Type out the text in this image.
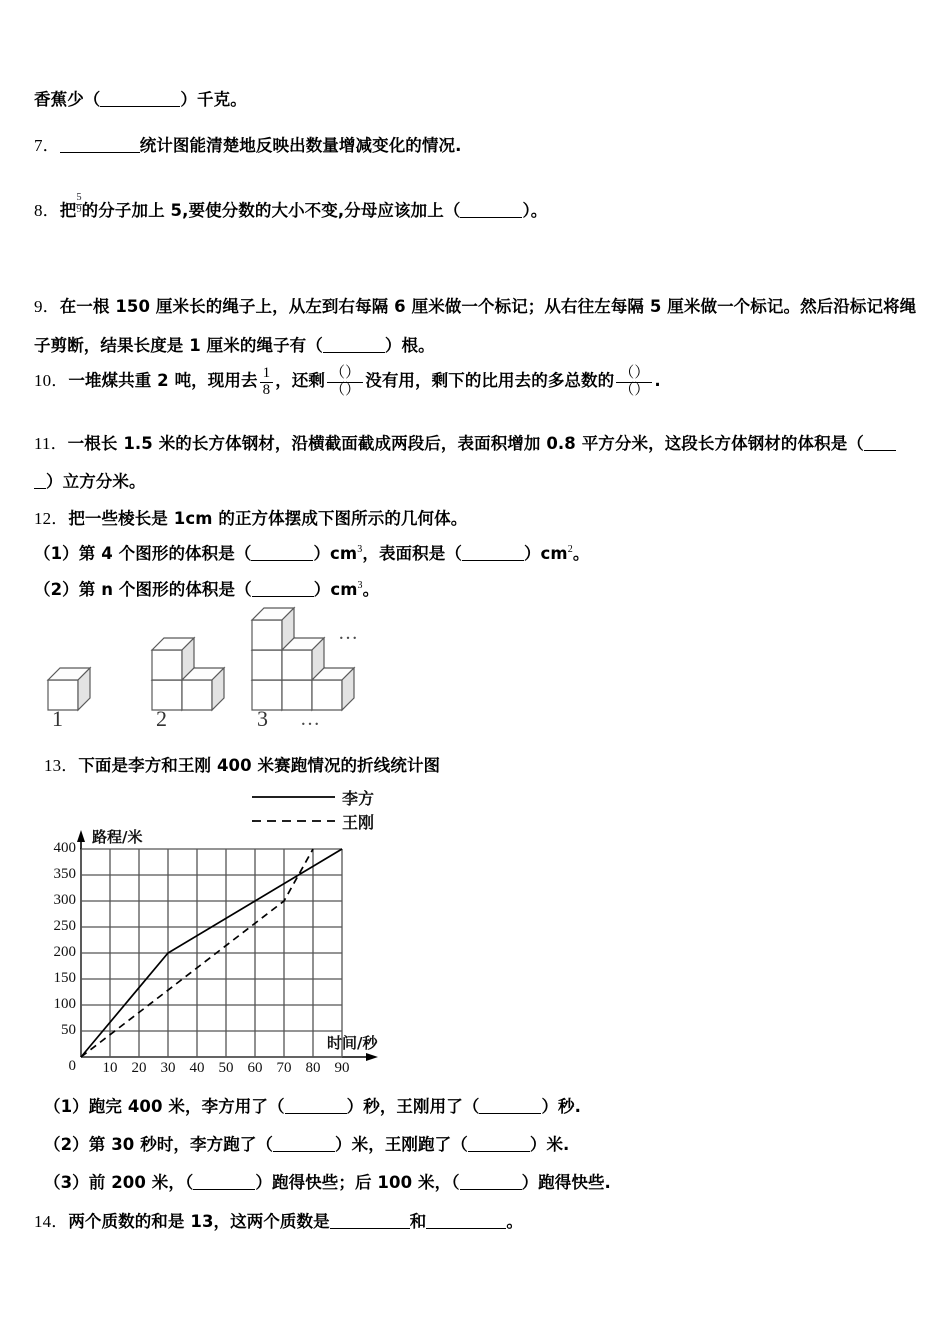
香蕉少（	）千克。
7．	统计图能清楚地反映出数量增减变化的情况.
8．把 $\frac{5}{9}$ 的分子加上 5,要使分数的大小不变,分母应该加上（	）。
9．在一根 150 厘米长的绳子上，从左到右每隔 6 厘米做一个标记；从右往左每隔 5 厘米做一个标记。然后沿标记将绳
子剪断，结果长度是 1 厘米的绳子有（	）根。
10．一堆煤共重 2 吨，现用去 $\frac{1}{8}$ ，还剩 $\frac{()}{()}$ 没有用，剩下的比用去的多总数的 $\frac{()}{()}$ .
11．一根长 1.5 米的长方体钢材，沿横截面截成两段后，表面积增加 0.8 平方分米，这段长方体钢材的体积是（
）立方分米。
12．把一些棱长是 1cm 的正方体摆成下图所示的几何体。
（1）第 4 个图形的体积是（	）$cm^3$，表面积是（	）$cm^2$。
（2）第 n 个图形的体积是（	）$cm^3$。
…
1	2	3 …
13．下面是李方和王刚 400 米赛跑情况的折线统计图
李方
王刚
路程/米
时间/秒
400
350
300
250
200
150
100
50
0 10 20 30 40 50 60 70 80 90
（1）跑完 400 米，李方用了（	）秒，王刚用了（	）秒.
（2）第 30 秒时，李方跑了（	）米，王刚跑了（	）米.
（3）前 200 米，（	）跑得快些；后 100 米，（	）跑得快些.
14．两个质数的和是 13，这两个质数是	和	。
